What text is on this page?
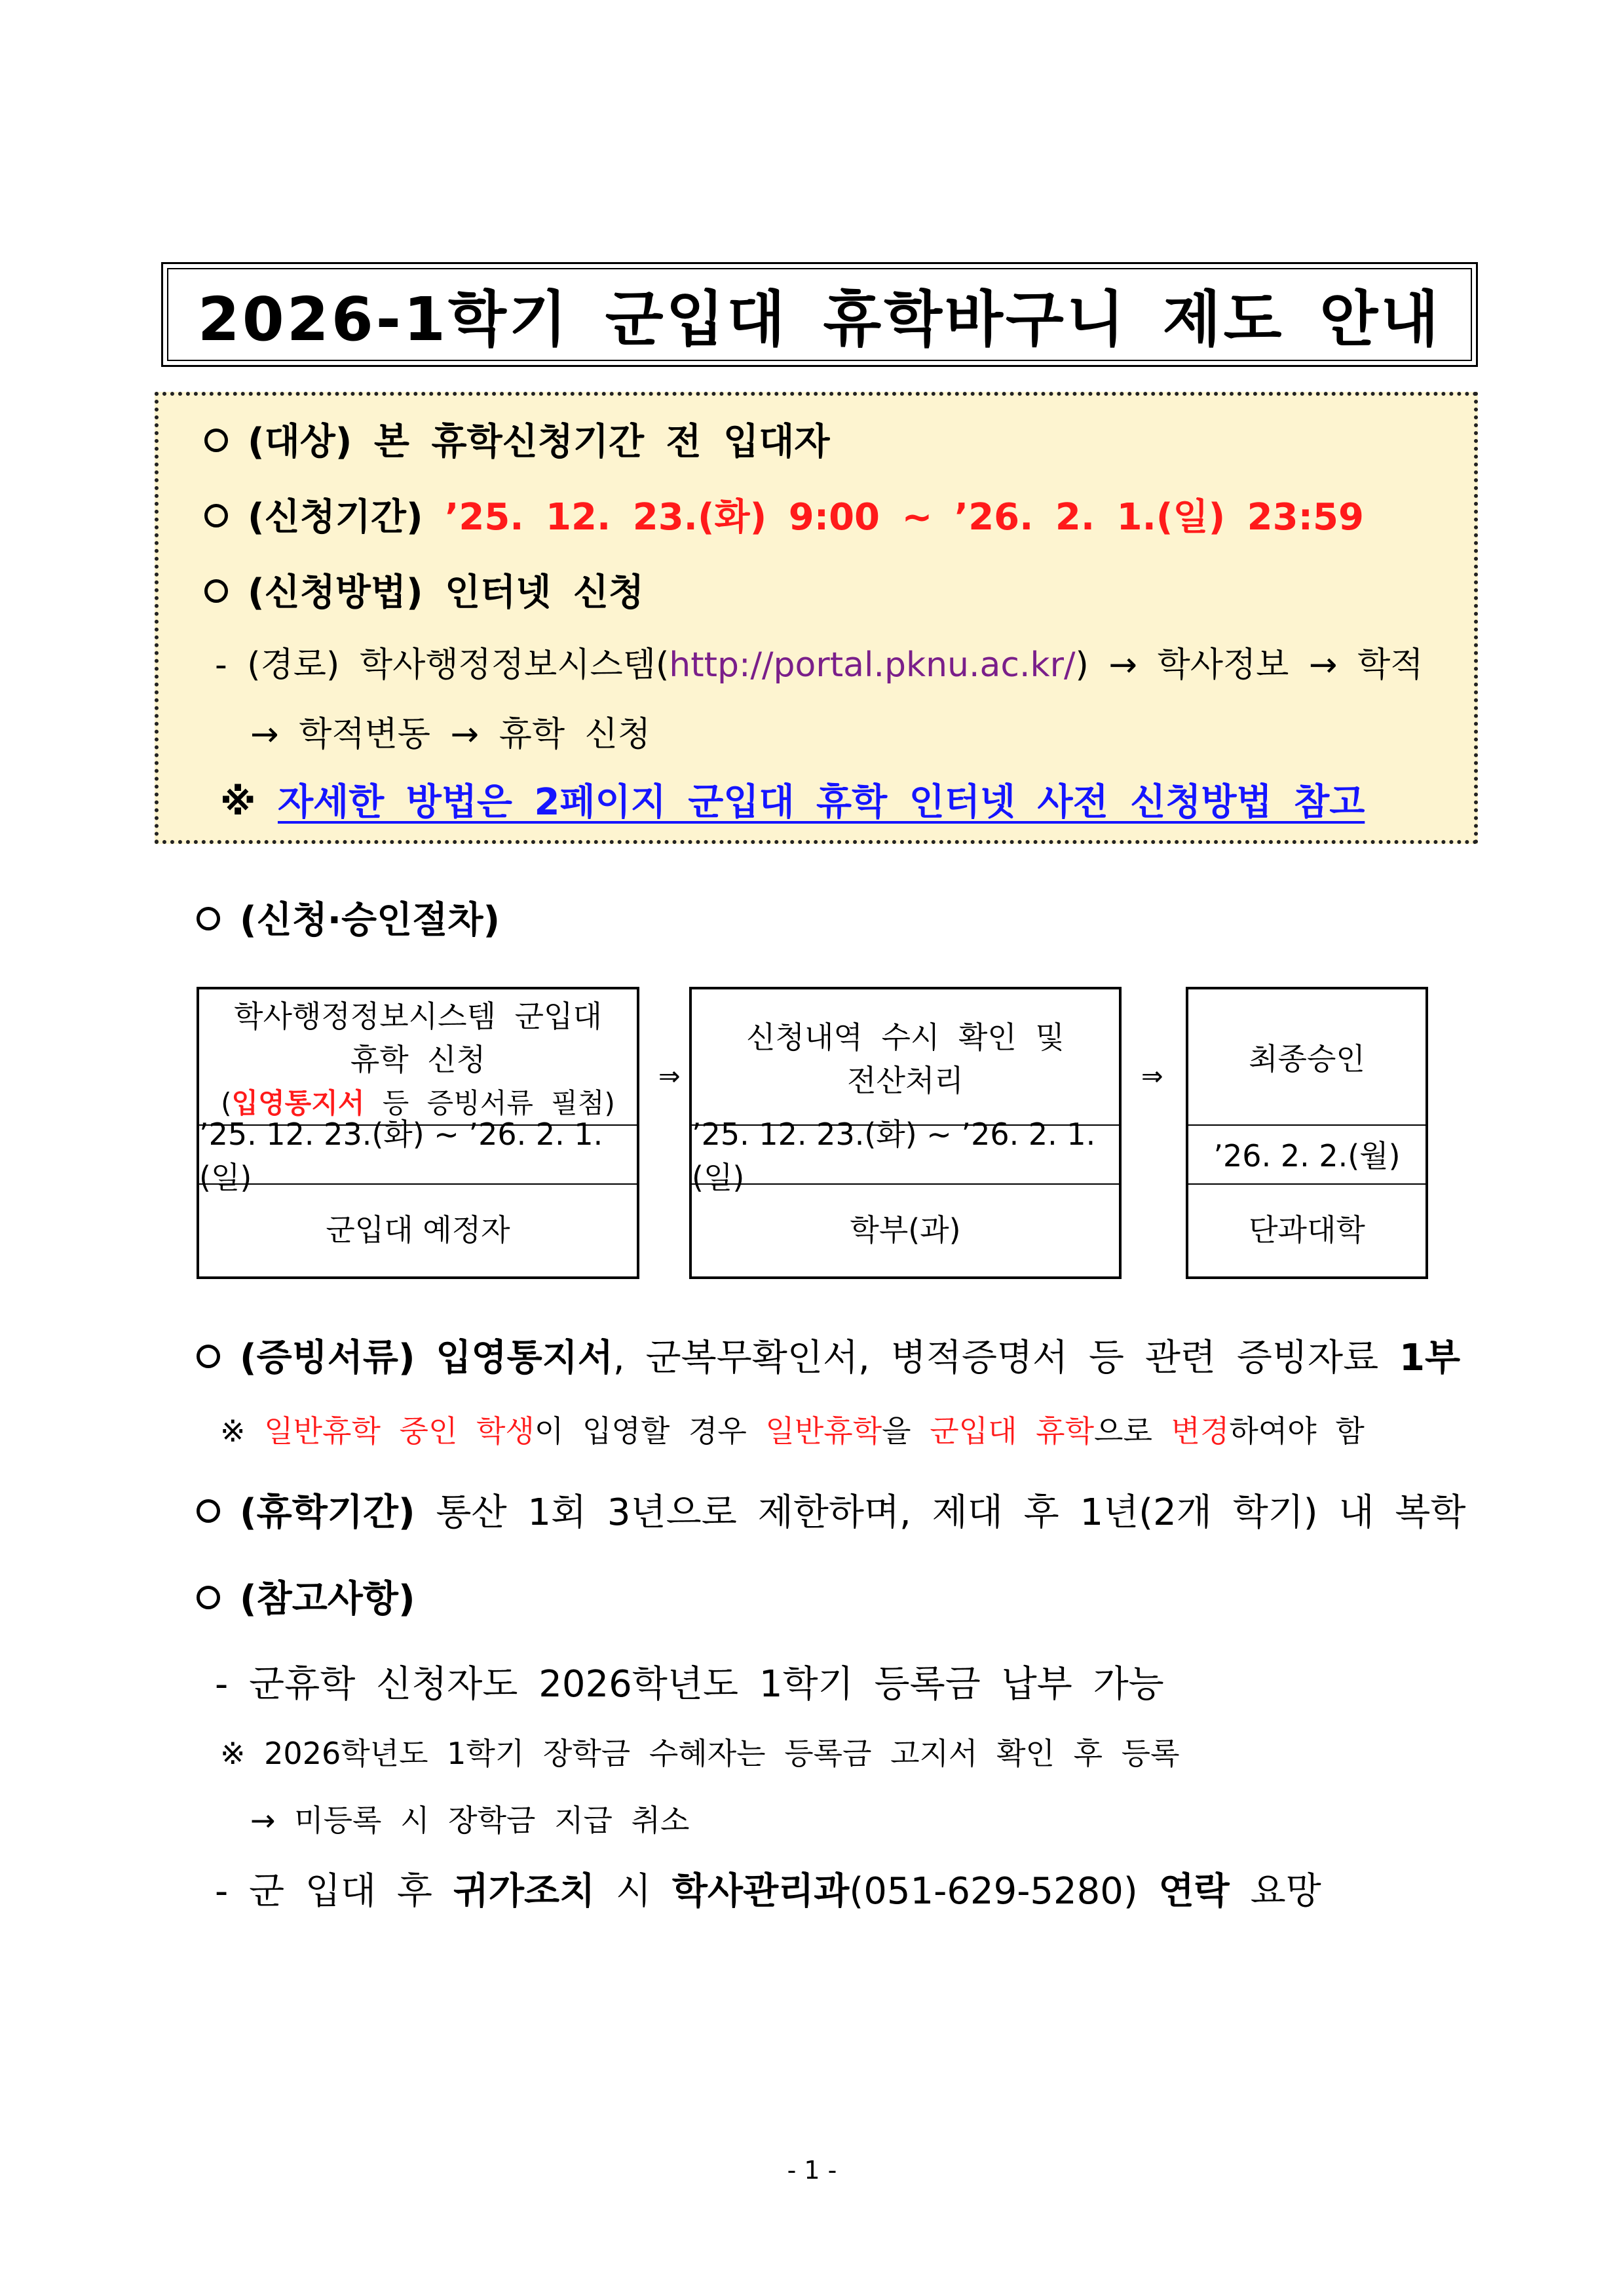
2026-1학기 군입대 휴학바구니 제도 안내
(대상) 본 휴학신청기간 전 입대자
(신청기간) ’25. 12. 23.(화) 9:00 ~ ’26. 2. 1.(일) 23:59
(신청방법) 인터넷 신청
- (경로) 학사행정정보시스템(http://portal.pknu.ac.kr/) → 학사정보 → 학적
→ 학적변동 → 휴학 신청
※ 자세한 방법은 2페이지 군입대 휴학 인터넷 사전 신청방법 참고
(신청·승인절차)
학사행정정보시스템 군입대
휴학 신청
(입영통지서 등 증빙서류 필첨)
’25. 12. 23.(화) ~ ’26. 2. 1.(일)
군입대 예정자
⇒
신청내역 수시 확인 및
전산처리
’25. 12. 23.(화) ~ ’26. 2. 1.(일)
학부(과)
⇒	최종승인
’26. 2. 2.(월)
단과대학
(증빙서류) 입영통지서, 군복무확인서, 병적증명서 등 관련 증빙자료 1부
※ 일반휴학 중인 학생이 입영할 경우 일반휴학을 군입대 휴학으로 변경하여야 함
(휴학기간) 통산 1회 3년으로 제한하며, 제대 후 1년(2개 학기) 내 복학
(참고사항)
- 군휴학 신청자도 2026학년도 1학기 등록금 납부 가능
※ 2026학년도 1학기 장학금 수혜자는 등록금 고지서 확인 후 등록
→ 미등록 시 장학금 지급 취소
- 군 입대 후 귀가조치 시 학사관리과(051-629-5280) 연락 요망
- 1 -
